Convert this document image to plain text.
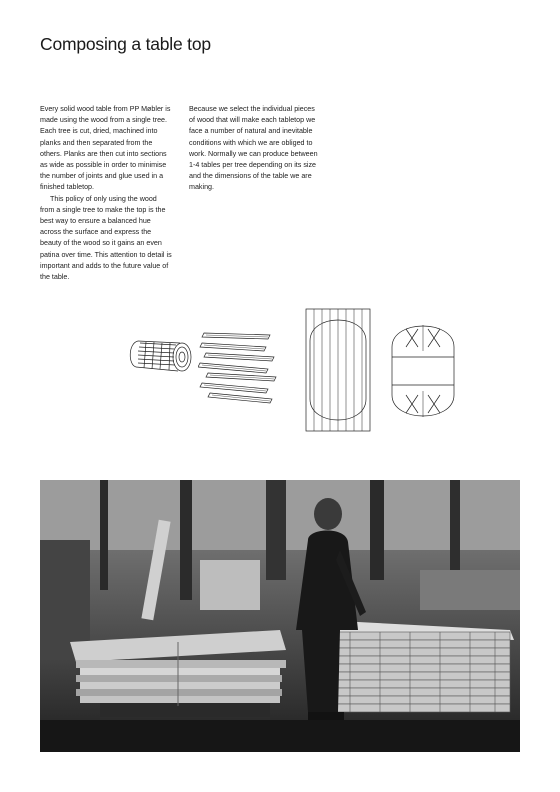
Composing a table top

Every solid wood table from PP Møbler is made using the wood from a single tree. Each tree is cut, dried, machined into planks and then separated from the others. Planks are then cut into sections as wide as possible in order to minimise the number of joints and glue used in a finished tabletop.

This policy of only using the wood from a single tree to make the top is the best way to ensure a balanced hue across the surface and express the beauty of the wood so it gains an even patina over time. This attention to detail is important and adds to the future value of the table.

Because we select the individual pieces of wood that will make each tabletop we face a number of natural and inevitable conditions with which we are obliged to work. Normally we can produce between 1-4 tables per tree depending on its size and the dimensions of the table we are making.
